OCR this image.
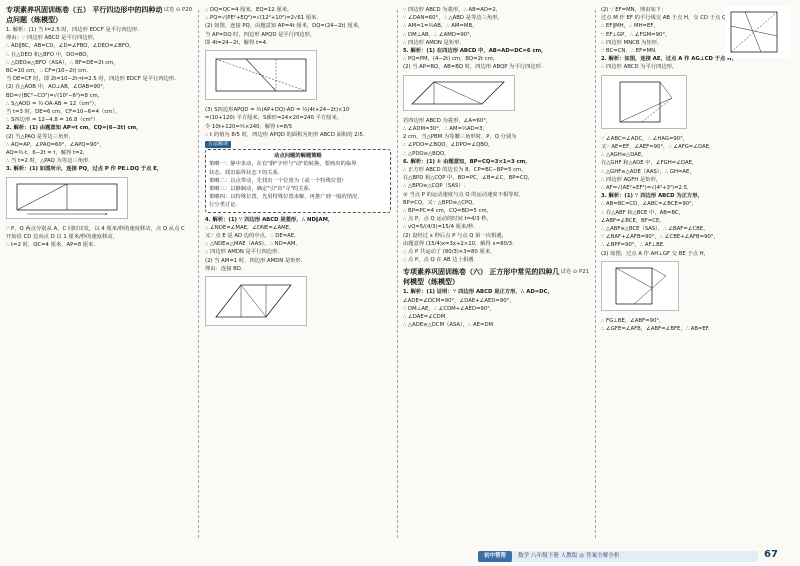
试卷 ⊙ P20
专项素养巩固训练卷（五） 平行四边形中的四种动点问题（练模型）
1. 解析：(1) 当 t=2.5 时，四边形 EDCF 是平行四边形.
理由：∵ 四边形 ABCD 是平行四边形，
∴ AD∥BC，AB=CD，∠D=∠FBO，∠DEO=∠BFO，
∴ 在△DEO 和△BFO 中，DO=BO，
∴ △DEO≌△BFO（ASA），∴ BF=DE=2t cm，
BC=10 cm，∴ CF=(10−2t) cm.
当 DE=CF 时，即 2t=10−2t⇒t=2.5 时，四边形 EDCF 是平行四边形.
(2) 在△AOB 中，AO⊥AB，∠OAB=90°，
BD=√(BC²−CD²)=√(10²−6²)=8 cm，
∴ S△AOD = ½·OA·AB = 12（cm²），
当 t=3 时，DE=6 cm，CF=10−6=4（cm），
∴ S四边形 = 12−4.8 = 16.8（cm²）
2. 解析：(1) 由题意知 AP=t cm，CQ=(6−2t) cm，
(2) 当△PAQ 是等边三角形，
∴ AQ=AP，∠PAQ=60°，∠APQ=90°，
AQ=½·t，6−2t = t，解得 t=2，
∴ 当 t=2 时，△PAQ 为等边三角形.
3. 解析：(1) 如图所示，连接 PQ，过点 P 作 PE⊥DQ 于点 E，
∵ P，Q 两点分别从 A，C 同时出发，以 4 厘米/秒的速度移动，点 Q 从点 C
开始沿 CD 边向点 D 以 1 厘米/秒的速度移动，
∴ t=2 时，QC=4 厘米，AP=8 厘米.
∴ DQ=QC=4 厘米，EQ=12 厘米，
∴ PQ=√(PE²+EQ²)=√(12²+10²)=2√61 厘米.
(2) 如图，连接 PQ，由题意知 AP=4t 厘米，DQ=(24−2t) 厘米，
当 AP=DQ 时，四边形 APQD 是平行四边形，
即 4t=24−2t，解得 t=4.
(3) S四边形APQD = ½(AP+DQ)·AD = ½(4t+24−2t)×10
=(10+120) 平方厘米，S梯形=24×20=240 平方厘米，
令 10t+120=⅖×240，解得 t=8/5
∴ t 的值为 8/5 时，四边形 APQD 的面积为矩形 ABCD 面积的 2/5.
方法解读
动点问题的解题策略
策略一：静中求动，在有"静"字形与"动"的转换，要画出的临界
状态，找出临界状态下的关系.
策略二：以点带动，先找出一个位置为（或一个特殊位置）
策略三：以静制动，确定"引"出"寻"的关系.
策略四：以特殊位置，先用特殊位置求解，再推广到一般的情况，
行分类讨论.
4. 解析：(1) ∵ 四边形 ABCD 是菱形，∴ ND∥AM，
∴ ∠NDE=∠MAE，∠DNE=∠AME，
又∵ 点 E 是 AD 边的中点，∴ DE=AE，
∴ △NDE≌△MAE（AAS），∴ ND=AM，
∴ 四边形 AMDN 是平行四边形.
(2) 当 AM=1 时，四边形 AMDN 是矩形.
理由：连接 BD.
∵ 四边形 ABCD 为菱形，∴ AB=AD=2，
∵ ∠DAN=60°，∴ △ABD 是等边三角形，
∴ AM=1=½AB，∴ AM=MB，
∴ DM⊥AB，∴ ∠AMD=90°，
∴ 四边形 AMDN 是矩形.
5. 解析：(1) 在四边形 ABCD 中，AB=AD=DC=6 cm，
∴ PQ=PM，(4−2t) cm，BQ=2t cm，
(2) 当 AP=BQ，AB=BQ 时，四边形 ABQP 为平行四边形.
若四边形 ABCD 为菱形，∠A=60°，
∴ ∠ADM=30°，∴ AM=½AD=3，
2 cm，当△PBM 为等腰三角形时，P，Q 分别为
∴ ∠PDO=∠BQO，∠DPO=∠QBO，
∴ △PDO≌△BQO，
6. 解析：(1) ① 由题意知，BP=CQ=3×1=3 cm，
∴ 正方形 ABCD 的边长为 8，CP=BC−BP=5 cm，
在△BPD 和△CQP 中，BD=PC，∠B=∠C，BP=CQ，
∴ △BPD≌△CQP（SAS）.
② 当点 P 的运动速度与点 Q 的运动速度不相等时，
BP≠CQ，又∵ △BPD≌△CPQ，
∴ BP=PC=4 cm，CQ=BD=5 cm，
∴ 点 P，点 Q 运动的时间 t=4/3 秒，
∴ vQ=5/(4/3)=15/4 厘米/秒.
(2) 设经过 x 秒后点 P 与点 Q 第一次相遇，
由题意得 (15/4)x=3x+2×10，解得 x=80/3.
∴ 点 P 共运动了 (80/3)×3=80 厘米，
∴ 点 P，点 Q 在 AB 边上相遇.
试卷 ⊙ P21
专项素养巩固训练卷（六） 正方形中常见的四种几何模型（练模型）
1. 解析：(1) 证明：∵ 四边形 ABCD 是正方形，∴ AD=DC，
∠ADE=∠DCM=90°，∠DAE+∠AED=90°，
∵ DM⊥AE，∴ ∠CDM+∠AED=90°，
∴ ∠DAE=∠CDM，
∴ △ADE≌△DCM（ASA），∴ AE=DM.
(2) ∵ EF=MN，理由如下：
过点 M 作 EF 的平行线交 AB 于点 H，交 CD 于点 Q，
∴ EF∥MH，∴ MH=EF，
∵ EF⊥GP，∴ ∠FGM=90°，
∴ 四边形 MNCB 为矩形，
∵ BC=CN，∴ EF=MN.
2. 解析：如图，连接 AE，过点 A 作 AG⊥CD 于点 H，
∴ 四边形 ABCD 为平行四边形，
∵ ∠ABC=∠ADC，∴ ∠HAG=90°，
又∵ AE=EF，∠AEF=90°，∴ ∠AFG=∠DAE，
∴ △AGH≌△DAE，
在△GHF 和△ADE 中，∠FGH=∠DAE，
∴ △GHF≌△ADE（AAS），∴ GH=AE，
∴ 四边形 AGFH 是矩形，
∴ AF=√(AE²+EF²)=√(4²+3²)=2.5，
3. 解析：(1) ∵ 四边形 ABCD 为正方形，
∴ AB=BC=CD，∠ABC=∠BCE=90°，
∴ 在△ABF 和△BCE 中，AB=BC，
∠ABF=∠BCE，BF=CE，
∴ △ABF≌△BCE（SAS），∴ ∠BAF=∠CBE，
∵ ∠BAF+∠AFB=90°，∴ ∠CBE+∠AFB=90°，
∴ ∠BPF=90°，∴ AF⊥BE.
(2) 如图，过点 A 作 AH⊥GF 交 BE 于点 H，
∴ FG⊥BE，∠ABF=90°，
∴ ∠GFE=∠AFB，∠ABF=∠BFE，∴ AB=EF.
初中帮帮	数学 八年级下册 人教版 ◎ 答案全解全析	67
